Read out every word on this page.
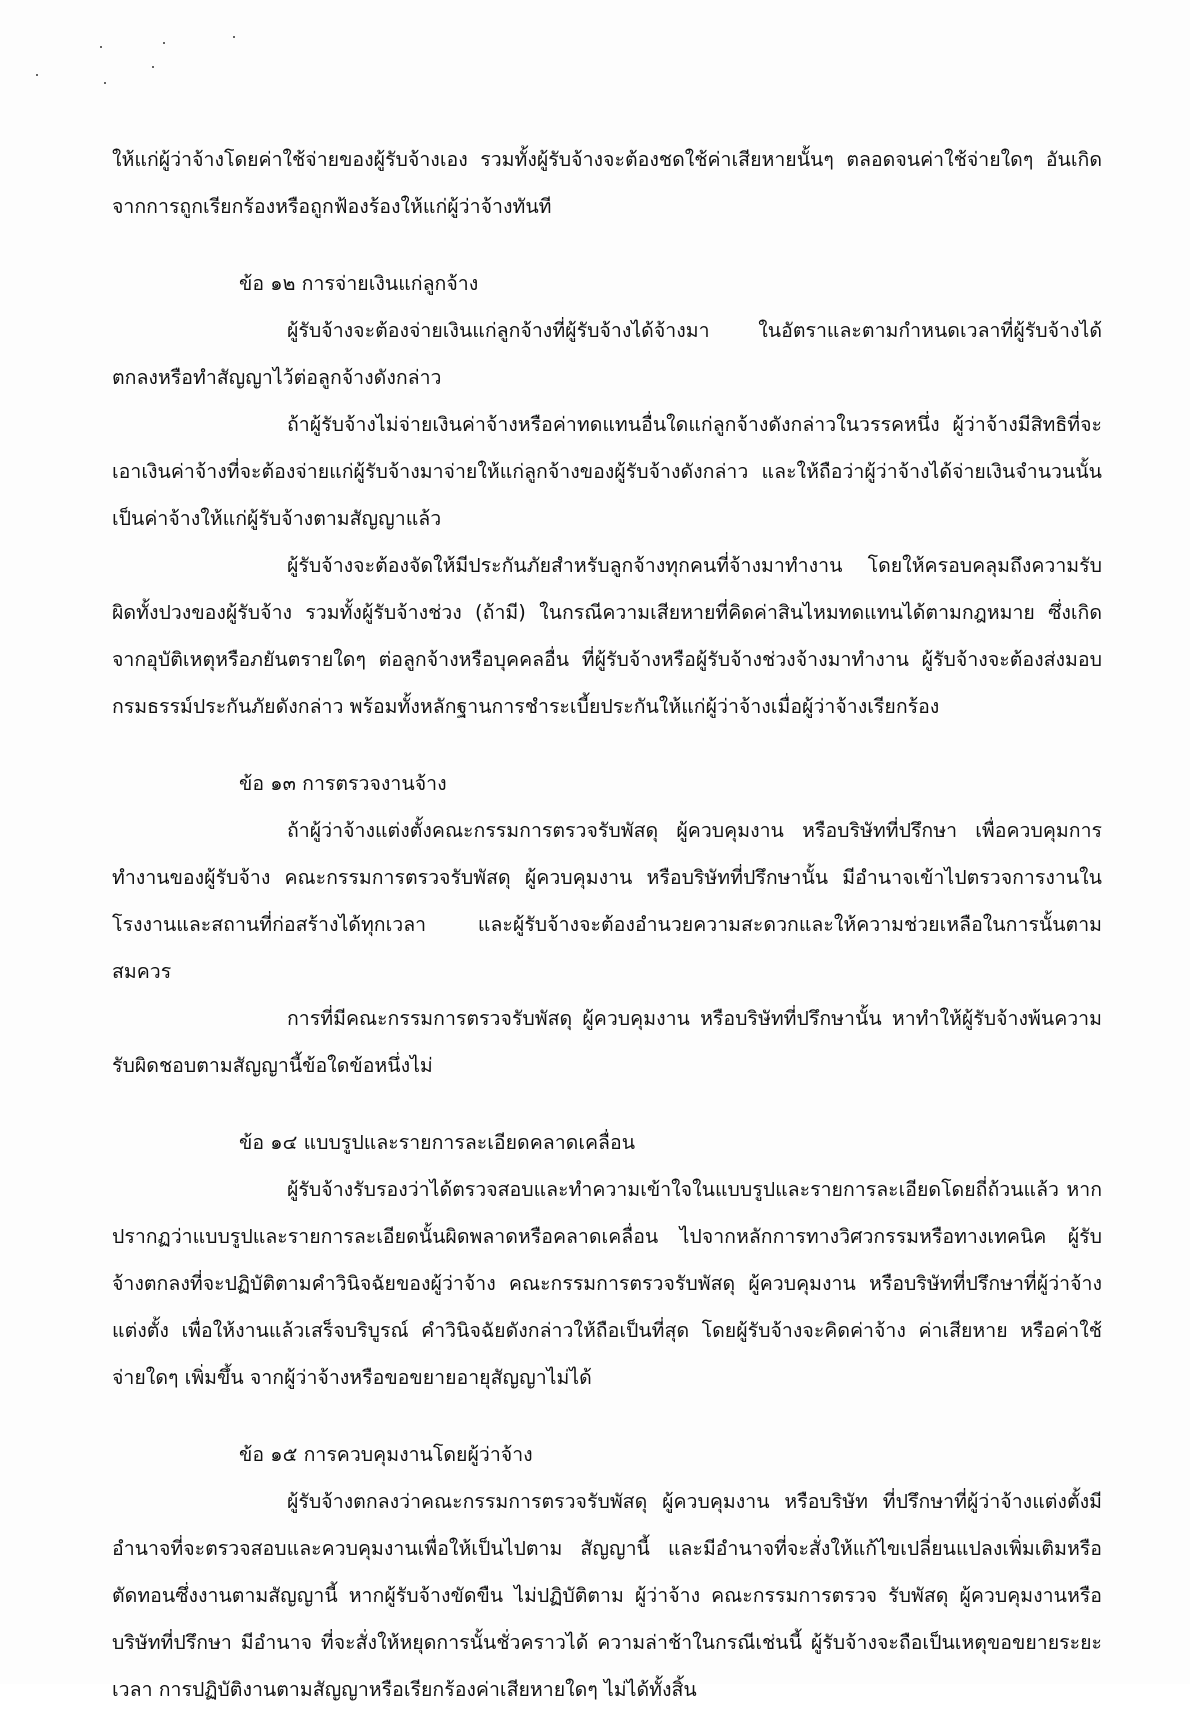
ให้แก่ผู้ว่าจ้างโดยค่าใช้จ่ายของผู้รับจ้างเอง รวมทั้งผู้รับจ้างจะต้องชดใช้ค่าเสียหายนั้นๆ ตลอดจนค่าใช้จ่ายใดๆ อันเกิดจากการถูกเรียกร้องหรือถูกฟ้องร้องให้แก่ผู้ว่าจ้างทันที

ข้อ ๑๒ การจ่ายเงินแก่ลูกจ้าง

ผู้รับจ้างจะต้องจ่ายเงินแก่ลูกจ้างที่ผู้รับจ้างได้จ้างมา ในอัตราและตามกำหนดเวลาที่ผู้รับจ้างได้ตกลงหรือทำสัญญาไว้ต่อลูกจ้างดังกล่าว

ถ้าผู้รับจ้างไม่จ่ายเงินค่าจ้างหรือค่าทดแทนอื่นใดแก่ลูกจ้างดังกล่าวในวรรคหนึ่ง ผู้ว่าจ้างมีสิทธิที่จะเอาเงินค่าจ้างที่จะต้องจ่ายแก่ผู้รับจ้างมาจ่ายให้แก่ลูกจ้างของผู้รับจ้างดังกล่าว และให้ถือว่าผู้ว่าจ้างได้จ่ายเงินจำนวนนั้นเป็นค่าจ้างให้แก่ผู้รับจ้างตามสัญญาแล้ว

ผู้รับจ้างจะต้องจัดให้มีประกันภัยสำหรับลูกจ้างทุกคนที่จ้างมาทำงาน โดยให้ครอบคลุมถึงความรับผิดทั้งปวงของผู้รับจ้าง รวมทั้งผู้รับจ้างช่วง (ถ้ามี) ในกรณีความเสียหายที่คิดค่าสินไหมทดแทนได้ตามกฎหมาย ซึ่งเกิดจากอุบัติเหตุหรือภยันตรายใดๆ ต่อลูกจ้างหรือบุคคลอื่น ที่ผู้รับจ้างหรือผู้รับจ้างช่วงจ้างมาทำงาน ผู้รับจ้างจะต้องส่งมอบกรมธรรม์ประกันภัยดังกล่าว พร้อมทั้งหลักฐานการชำระเบี้ยประกันให้แก่ผู้ว่าจ้างเมื่อผู้ว่าจ้างเรียกร้อง

ข้อ ๑๓ การตรวจงานจ้าง

ถ้าผู้ว่าจ้างแต่งตั้งคณะกรรมการตรวจรับพัสดุ ผู้ควบคุมงาน หรือบริษัทที่ปรึกษา เพื่อควบคุมการทำงานของผู้รับจ้าง คณะกรรมการตรวจรับพัสดุ ผู้ควบคุมงาน หรือบริษัทที่ปรึกษานั้น มีอำนาจเข้าไปตรวจการงานในโรงงานและสถานที่ก่อสร้างได้ทุกเวลา และผู้รับจ้างจะต้องอำนวยความสะดวกและให้ความช่วยเหลือในการนั้นตามสมควร

การที่มีคณะกรรมการตรวจรับพัสดุ ผู้ควบคุมงาน หรือบริษัทที่ปรึกษานั้น หาทำให้ผู้รับจ้างพ้นความรับผิดชอบตามสัญญานี้ข้อใดข้อหนึ่งไม่

ข้อ ๑๔ แบบรูปและรายการละเอียดคลาดเคลื่อน

ผู้รับจ้างรับรองว่าได้ตรวจสอบและทำความเข้าใจในแบบรูปและรายการละเอียดโดยถี่ถ้วนแล้ว หากปรากฏว่าแบบรูปและรายการละเอียดนั้นผิดพลาดหรือคลาดเคลื่อน ไปจากหลักการทางวิศวกรรมหรือทางเทคนิค ผู้รับจ้างตกลงที่จะปฏิบัติตามคำวินิจฉัยของผู้ว่าจ้าง คณะกรรมการตรวจรับพัสดุ ผู้ควบคุมงาน หรือบริษัทที่ปรึกษาที่ผู้ว่าจ้างแต่งตั้ง เพื่อให้งานแล้วเสร็จบริบูรณ์ คำวินิจฉัยดังกล่าวให้ถือเป็นที่สุด โดยผู้รับจ้างจะคิดค่าจ้าง ค่าเสียหาย หรือค่าใช้จ่ายใดๆ เพิ่มขึ้น จากผู้ว่าจ้างหรือขอขยายอายุสัญญาไม่ได้

ข้อ ๑๕ การควบคุมงานโดยผู้ว่าจ้าง

ผู้รับจ้างตกลงว่าคณะกรรมการตรวจรับพัสดุ ผู้ควบคุมงาน หรือบริษัท ที่ปรึกษาที่ผู้ว่าจ้างแต่งตั้งมีอำนาจที่จะตรวจสอบและควบคุมงานเพื่อให้เป็นไปตาม สัญญานี้ และมีอำนาจที่จะสั่งให้แก้ไขเปลี่ยนแปลงเพิ่มเติมหรือตัดทอนซึ่งงานตามสัญญานี้ หากผู้รับจ้างขัดขืน ไม่ปฏิบัติตาม ผู้ว่าจ้าง คณะกรรมการตรวจ รับพัสดุ ผู้ควบคุมงานหรือบริษัทที่ปรึกษา มีอำนาจ ที่จะสั่งให้หยุดการนั้นชั่วคราวได้ ความล่าช้าในกรณีเช่นนี้ ผู้รับจ้างจะถือเป็นเหตุขอขยายระยะเวลา การปฏิบัติงานตามสัญญาหรือเรียกร้องค่าเสียหายใดๆ ไม่ได้ทั้งสิ้น
